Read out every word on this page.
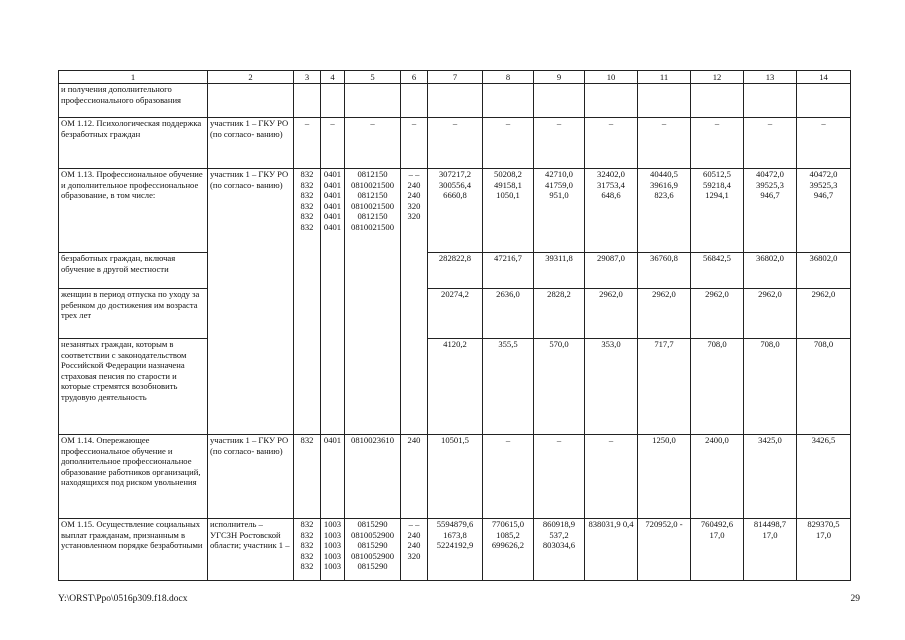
1	2	3	4	5	6	7	8	9	10	11	12	13	14
и получения дополнительного профессионального образования													
ОМ 1.12. Психологическая поддержка безработных граждан	участник 1 – ГКУ РО (по согласо- ванию)	–	–	–	–	–	–	–	–	–	–	–	–
ОМ 1.13. Профессиональное обучение и дополнительное профессиональное образование, в том числе:	участник 1 – ГКУ РО (по согласо- ванию)	832 832 832 832 832 832	0401 0401 0401 0401 0401 0401	0812150 0810021500 0812150 0810021500 0812150 0810021500	– – 240 240 320 320	307217,2 300556,4 6660,8	50208,2 49158,1 1050,1	42710,0 41759,0 951,0	32402,0 31753,4 648,6	40440,5 39616,9 823,6	60512,5 59218,4 1294,1	40472,0 39525,3 946,7	40472,0 39525,3 946,7
безработных граждан, включая обучение в другой местности						282822,8	47216,7	39311,8	29087,0	36760,8	56842,5	36802,0	36802,0
женщин в период отпуска по уходу за ребенком до достижения им возраста трех лет						20274,2	2636,0	2828,2	2962,0	2962,0	2962,0	2962,0	2962,0
незанятых граждан, которым в соответствии с законодательством Российской Федерации назначена страховая пенсия по старости и которые стремятся возобновить трудовую деятельность						4120,2	355,5	570,0	353,0	717,7	708,0	708,0	708,0
ОМ 1.14. Опережающее профессиональное обучение и дополнительное профессиональное образование работников организаций, находящихся под риском увольнения	участник 1 – ГКУ РО (по согласо- ванию)	832	0401	0810023610	240	10501,5	–	–	–	1250,0	2400,0	3425,0	3426,5
ОМ 1.15. Осуществление социальных выплат гражданам, признанным в установленном порядке безработными	исполнитель – УГСЗН Ростовской области; участник 1 –	832 832 832 832 832	1003 1003 1003 1003 1003	0815290 0810052900 0815290 0810052900 0815290	– – 240 240 320	5594879,6 1673,8 5224192,9	770615,0 1085,2 699626,2	860918,9 537,2 803034,6	838031,9 0,4	720952,0 -	760492,6 17,0	814498,7 17,0	829370,5 17,0
Y:\ORST\Ppo\0516p309.f18.docx	29
